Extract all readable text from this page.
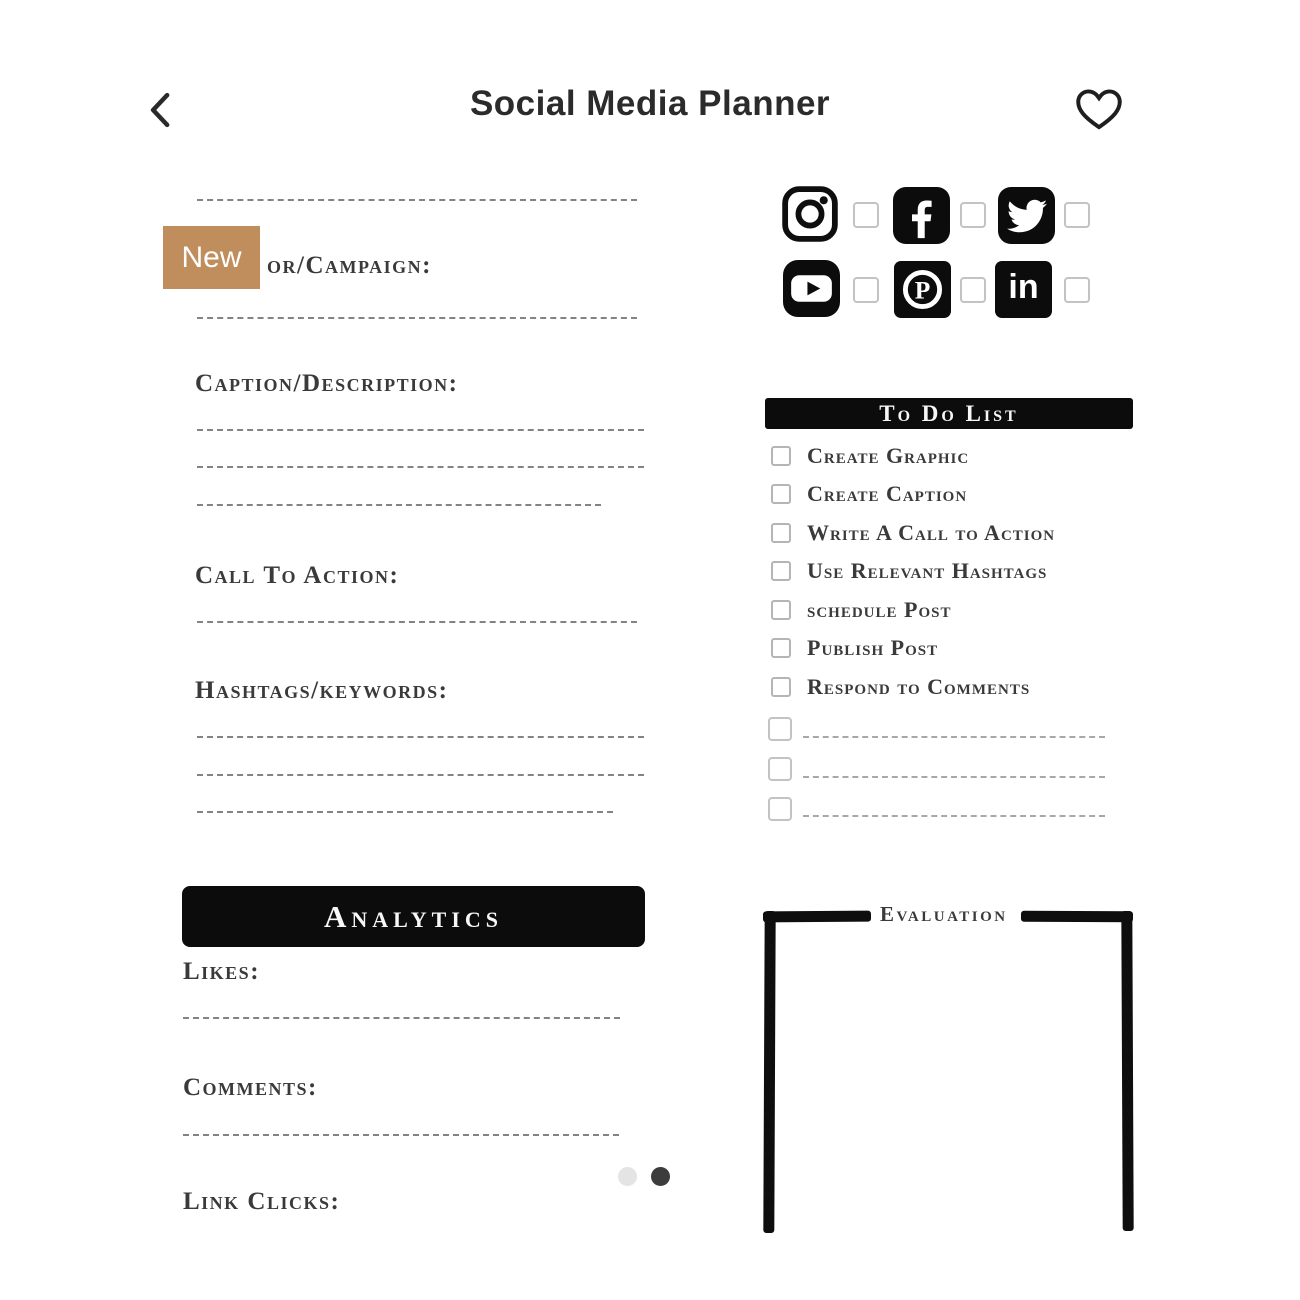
Social Media Planner
New	or/Campaign:
Caption/Description:
Call To Action:
Hashtags/keywords:
Analytics
Likes:
Comments:
Link Clicks:
P in
To Do List
Create Graphic
Create Caption
Write A Call to Action
Use Relevant Hashtags
schedule Post
Publish Post
Respond to Comments
Evaluation
